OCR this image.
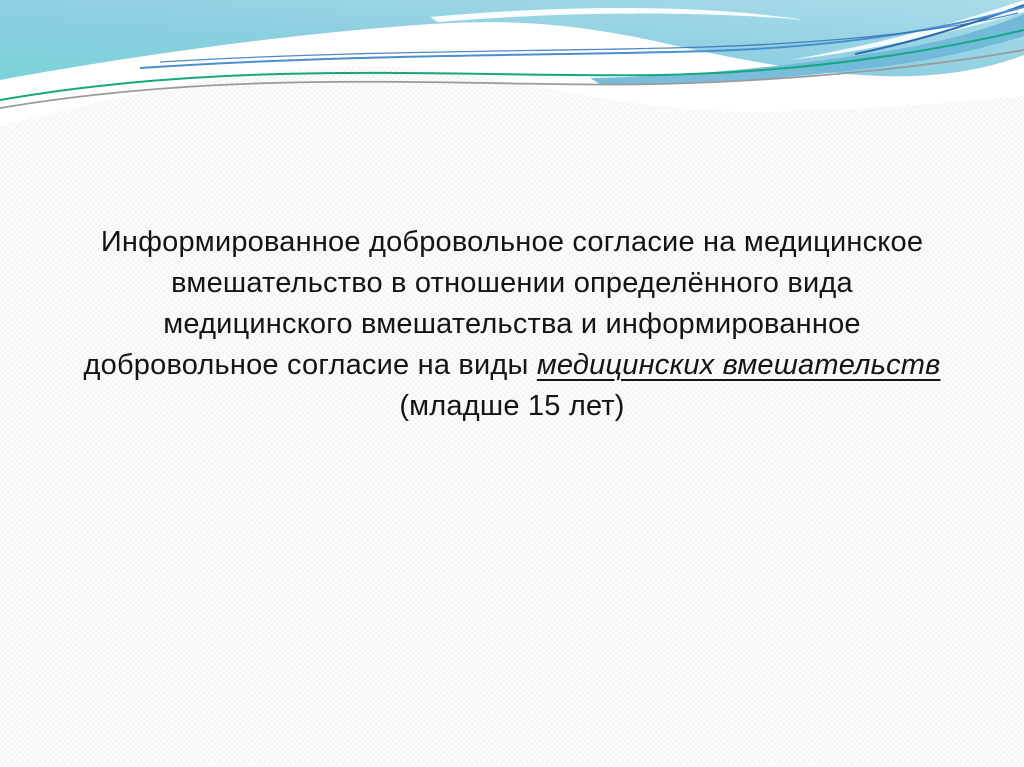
Информированное добровольное согласие на медицинское
вмешательство в отношении определённого вида
медицинского вмешательства и информированное
добровольное согласие на виды медицинских вмешательств
(младше 15 лет)
